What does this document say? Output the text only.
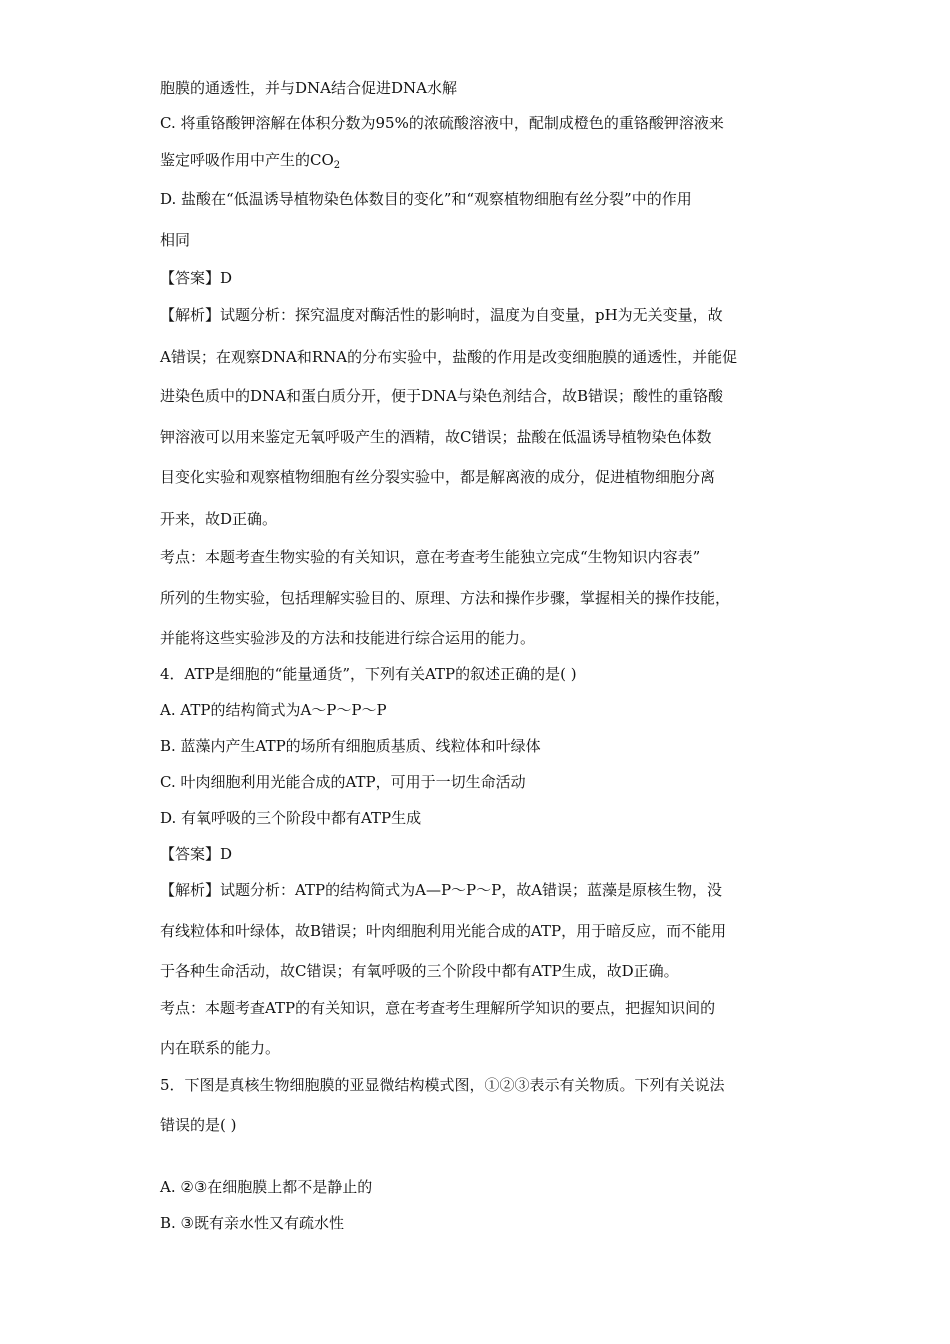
胞膜的通透性，并与DNA结合促进DNA水解
C. 将重铬酸钾溶解在体积分数为95%的浓硫酸溶液中，配制成橙色的重铬酸钾溶液来
鉴定呼吸作用中产生的$CO_2$
D. 盐酸在“低温诱导植物染色体数目的变化”和“观察植物细胞有丝分裂”中的作用
相同
【答案】D
【解析】试题分析：探究温度对酶活性的影响时，温度为自变量，pH为无关变量，故
A错误；在观察DNA和RNA的分布实验中，盐酸的作用是改变细胞膜的通透性，并能促
进染色质中的DNA和蛋白质分开，便于DNA与染色剂结合，故B错误；酸性的重铬酸
钾溶液可以用来鉴定无氧呼吸产生的酒精，故C错误；盐酸在低温诱导植物染色体数
目变化实验和观察植物细胞有丝分裂实验中，都是解离液的成分，促进植物细胞分离
开来，故D正确。
考点：本题考查生物实验的有关知识，意在考查考生能独立完成“生物知识内容表”
所列的生物实验，包括理解实验目的、原理、方法和操作步骤，掌握相关的操作技能，
并能将这些实验涉及的方法和技能进行综合运用的能力。
4．ATP是细胞的“能量通货”，下列有关ATP的叙述正确的是( )
A. ATP的结构简式为A～P～P～P
B. 蓝藻内产生ATP的场所有细胞质基质、线粒体和叶绿体
C. 叶肉细胞利用光能合成的ATP，可用于一切生命活动
D. 有氧呼吸的三个阶段中都有ATP生成
【答案】D
【解析】试题分析：ATP的结构简式为A—P～P～P，故A错误；蓝藻是原核生物，没
有线粒体和叶绿体，故B错误；叶肉细胞利用光能合成的ATP，用于暗反应，而不能用
于各种生命活动，故C错误；有氧呼吸的三个阶段中都有ATP生成，故D正确。
考点：本题考查ATP的有关知识，意在考查考生理解所学知识的要点，把握知识间的
内在联系的能力。
5．下图是真核生物细胞膜的亚显微结构模式图，①②③表示有关物质。下列有关说法
错误的是( )
A. ②③在细胞膜上都不是静止的
B. ③既有亲水性又有疏水性
